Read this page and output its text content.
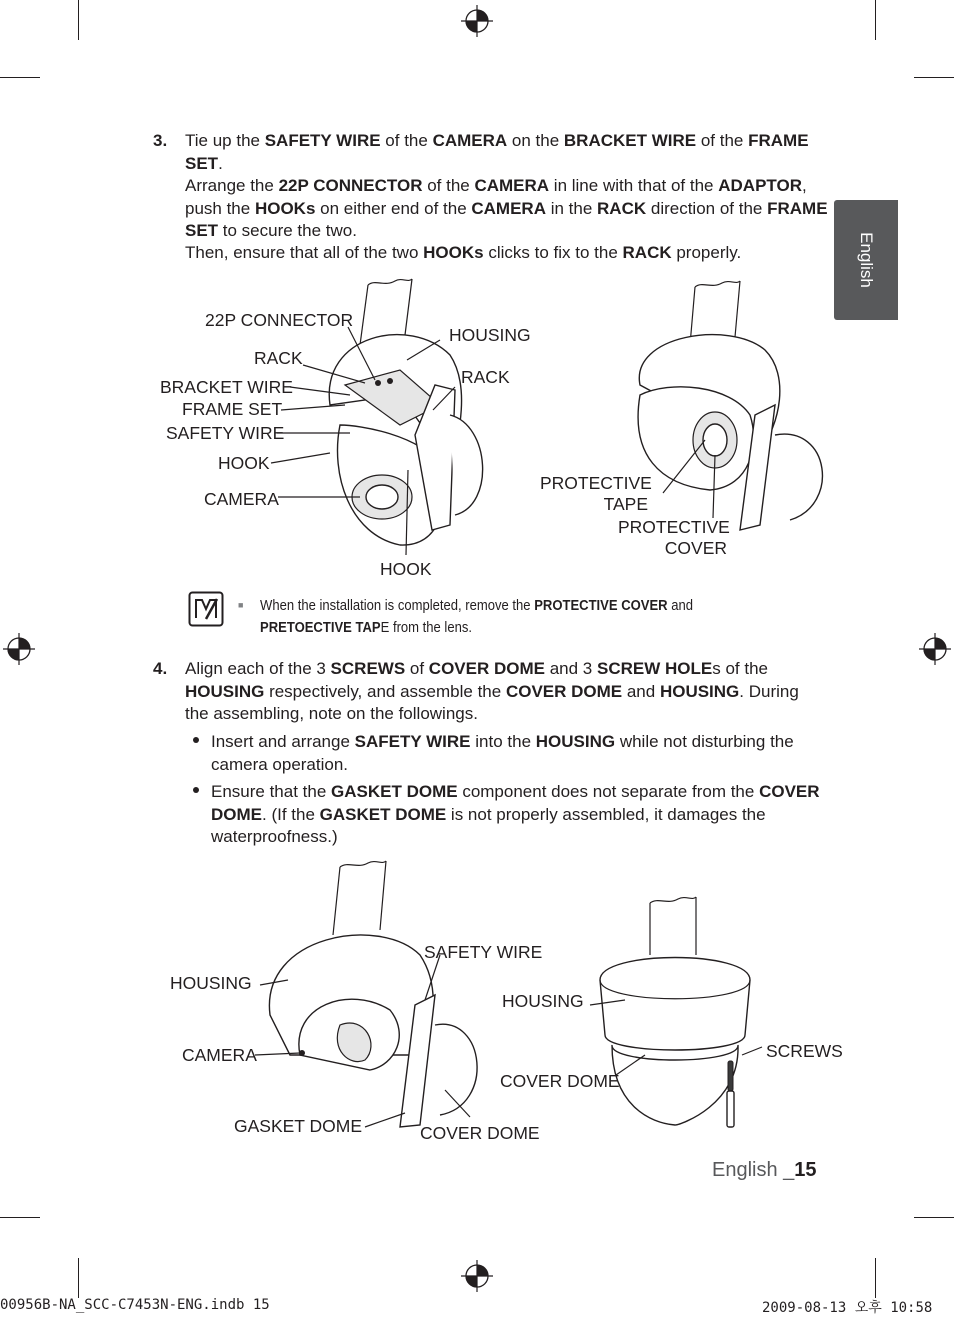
English
3. Tie up the SAFETY WIRE of the CAMERA on the BRACKET WIRE of the FRAME SET.
Arrange the 22P CONNECTOR of the CAMERA in line with that of the ADAPTOR, push the HOOKs on either end of the CAMERA in the RACK direction of the FRAME SET to secure the two.
Then, ensure that all of the two HOOKs clicks to fix to the RACK properly.
22P CONNECTOR
HOUSING
RACK
RACK
BRACKET WIRE
FRAME SET
SAFETY WIRE
HOOK
CAMERA
HOOK
PROTECTIVE
TAPE
PROTECTIVE
COVER
■ When the installation is completed, remove the PROTECTIVE COVER and
PRETOECTIVE TAPE from the lens.
4. Align each of the 3 SCREWS of COVER DOME and 3 SCREW HOLEs of the HOUSING respectively, and assemble the COVER DOME and HOUSING. During the assembling, note on the followings.
Insert and arrange SAFETY WIRE into the HOUSING while not disturbing the camera operation.
Ensure that the GASKET DOME component does not separate from the COVER DOME. (If the GASKET DOME is not properly assembled, it damages the waterproofness.)
HOUSING
SAFETY WIRE
CAMERA
GASKET DOME	COVER DOME
HOUSING
SCREWS
COVER DOME
English _15
00956B-NA_SCC-C7453N-ENG.indb 15	2009-08-13 오후 10:58
